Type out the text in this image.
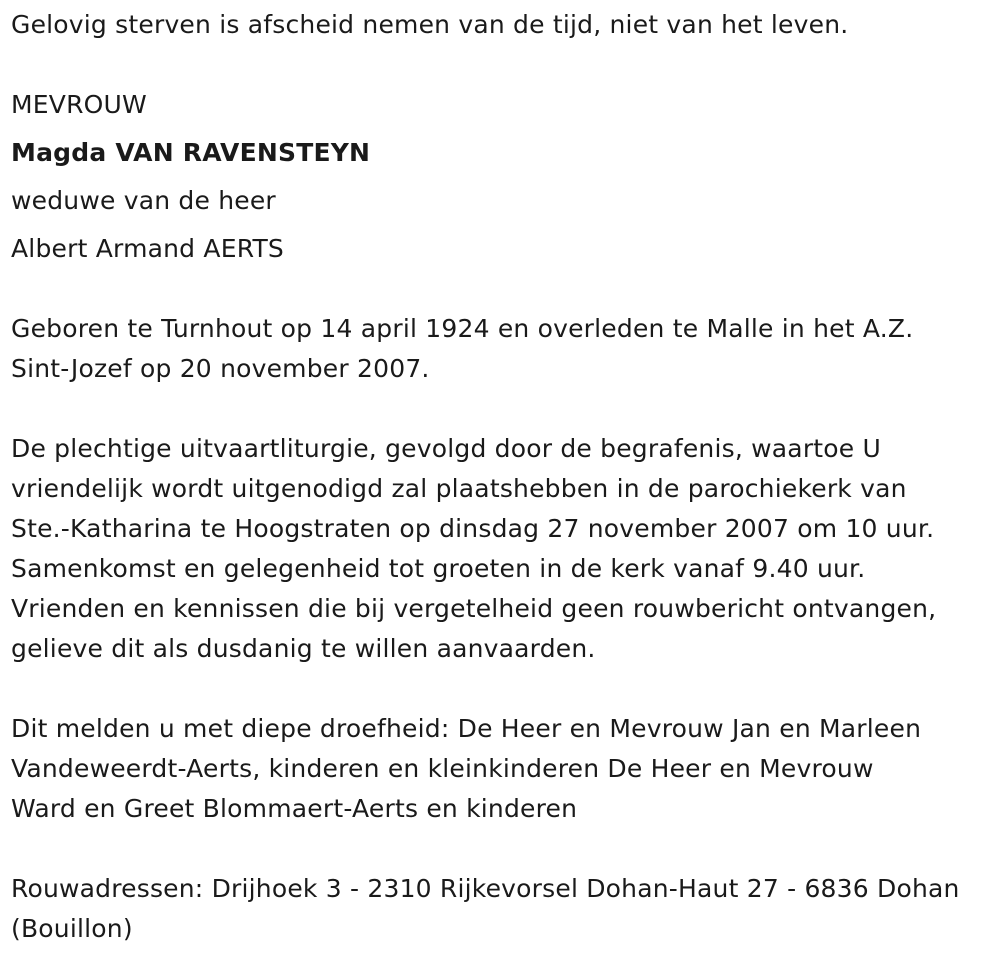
Gelovig sterven is afscheid nemen van de tijd, niet van het leven.
MEVROUW
Magda VAN RAVENSTEYN
weduwe van de heer
Albert Armand AERTS
Geboren te Turnhout op 14 april 1924 en overleden te Malle in het A.Z.
Sint-Jozef op 20 november 2007.
De plechtige uitvaartliturgie, gevolgd door de begrafenis, waartoe U
vriendelijk wordt uitgenodigd zal plaatshebben in de parochiekerk van
Ste.-Katharina te Hoogstraten op dinsdag 27 november 2007 om 10 uur.
Samenkomst en gelegenheid tot groeten in de kerk vanaf 9.40 uur.
Vrienden en kennissen die bij vergetelheid geen rouwbericht ontvangen,
gelieve dit als dusdanig te willen aanvaarden.
Dit melden u met diepe droefheid: De Heer en Mevrouw Jan en Marleen
Vandeweerdt-Aerts, kinderen en kleinkinderen De Heer en Mevrouw
Ward en Greet Blommaert-Aerts en kinderen
Rouwadressen: Drijhoek 3 - 2310 Rijkevorsel Dohan-Haut 27 - 6836 Dohan
(Bouillon)
